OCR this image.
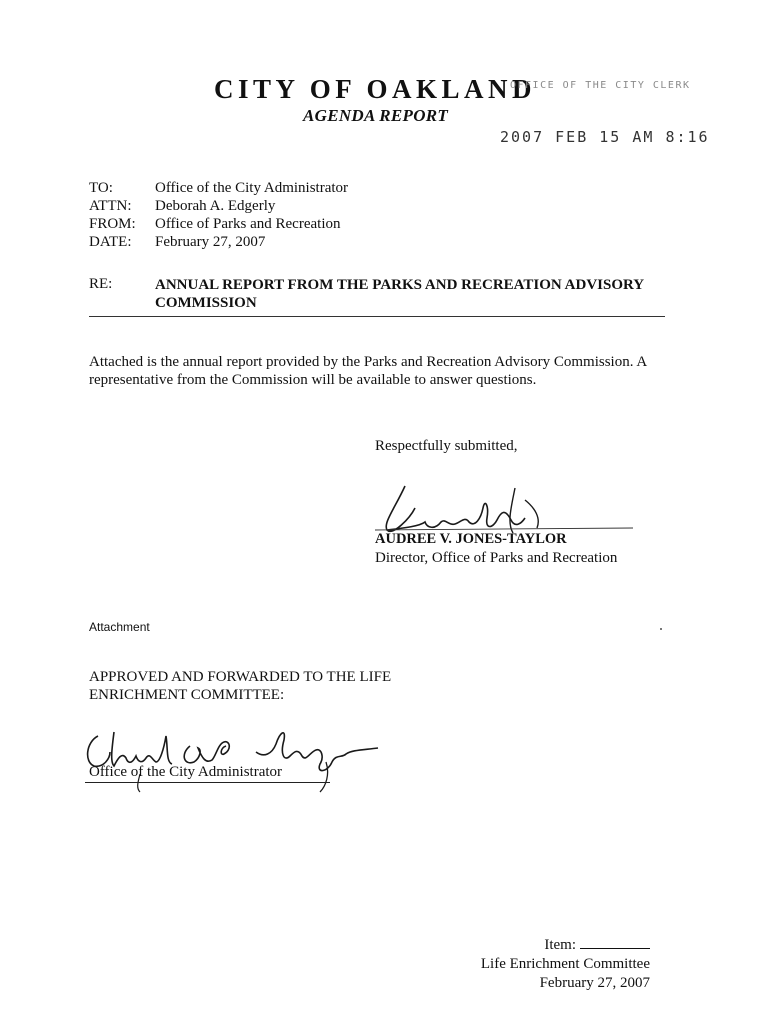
CITY OF OAKLAND
AGENDA REPORT
OFFICE OF THE CITY CLERK
2007 FEB 15 AM 8:16
TO:	Office of the City Administrator
ATTN: Deborah A. Edgerly
FROM: Office of Parks and Recreation
DATE: February 27, 2007
RE:	ANNUAL REPORT FROM THE PARKS AND RECREATION ADVISORY COMMISSION
Attached is the annual report provided by the Parks and Recreation Advisory Commission. A representative from the Commission will be available to answer questions.
Respectfully submitted,
AUDREE V. JONES-TAYLOR
Director, Office of Parks and Recreation
Attachment
APPROVED AND FORWARDED TO THE LIFE ENRICHMENT COMMITTEE:
Office of the City Administrator
Item:
Life Enrichment Committee
February 27, 2007
